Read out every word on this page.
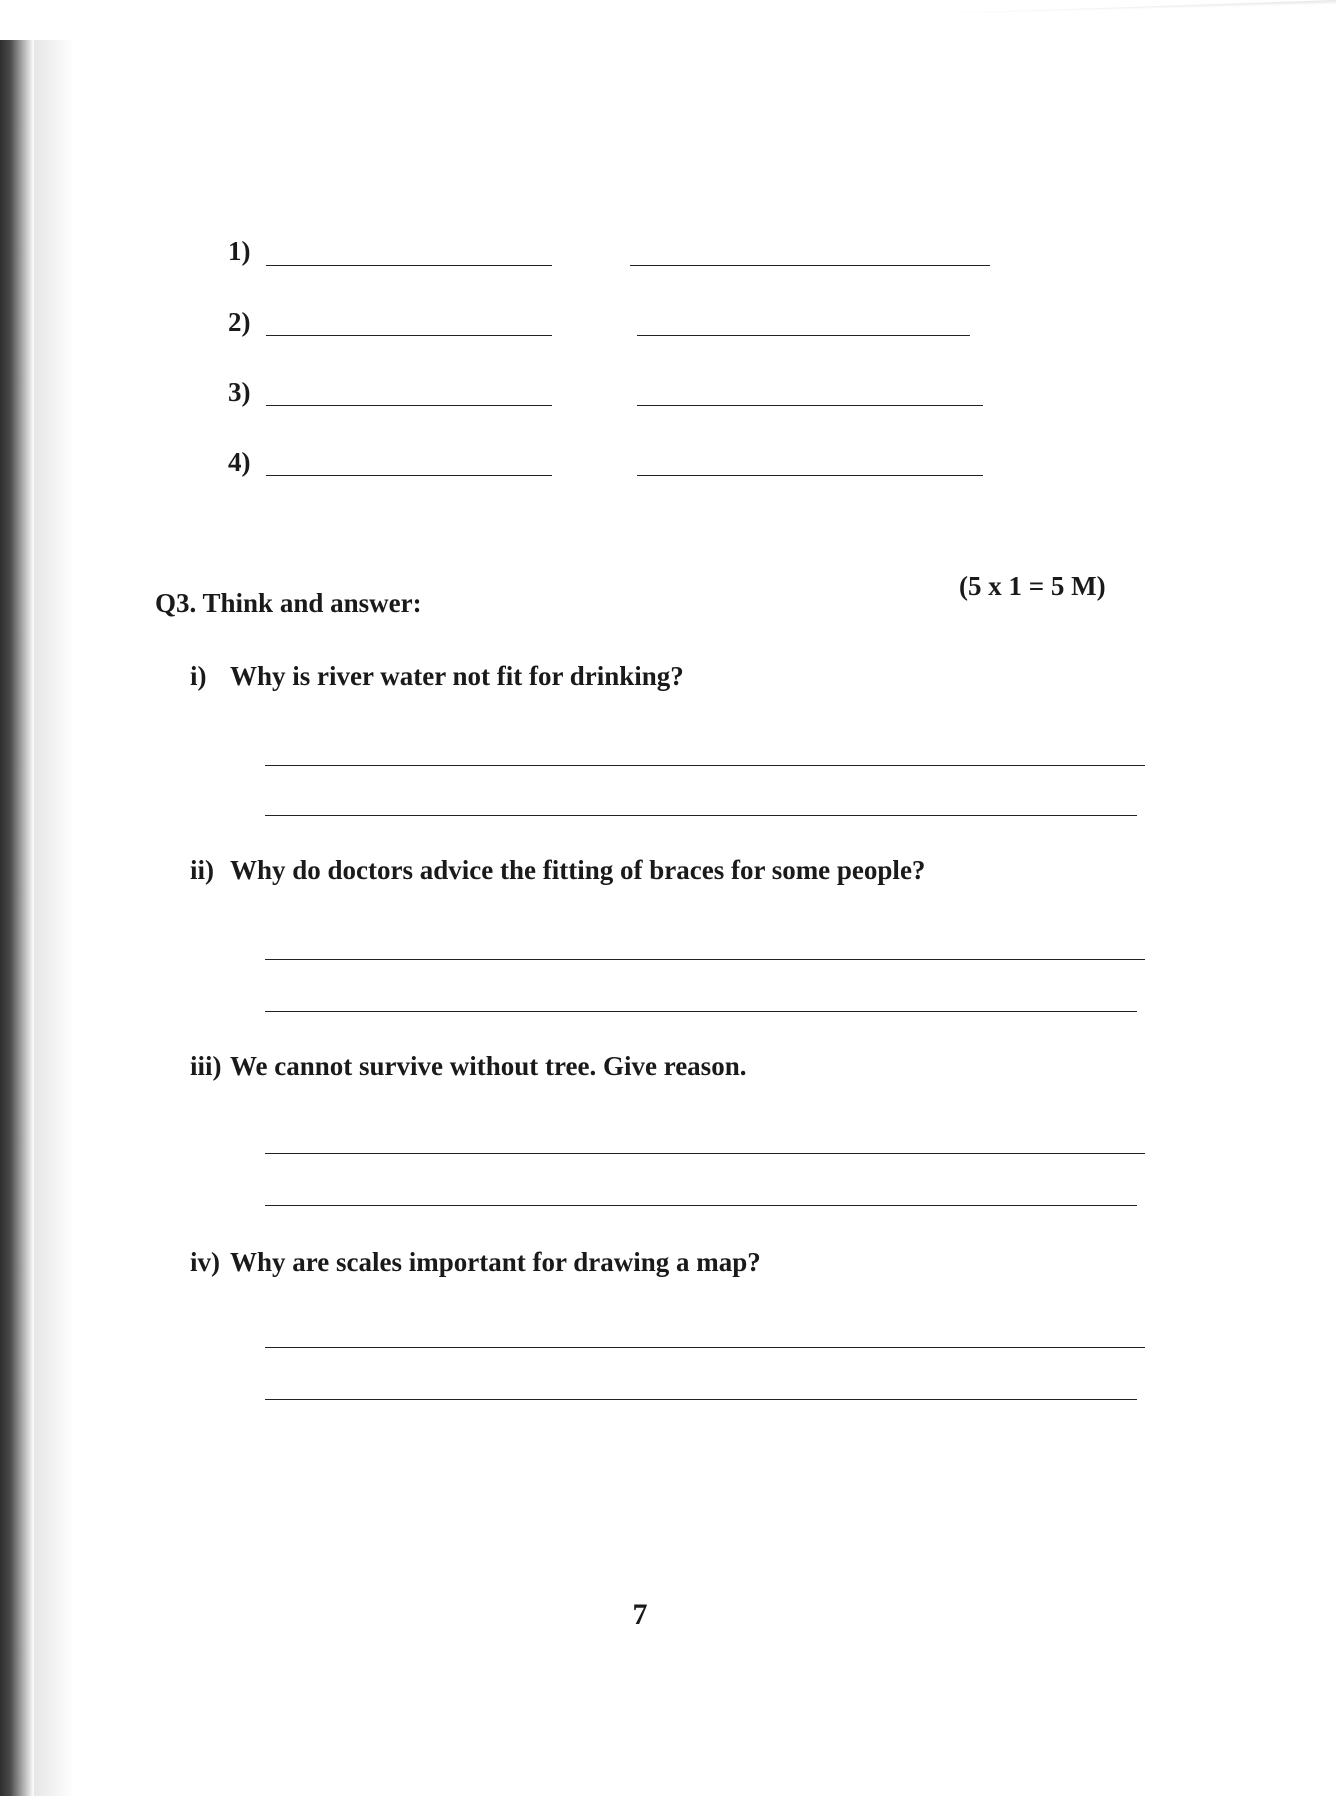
1)
2)
3)
4)
Q3. Think and answer:
(5 x 1 = 5 M)
i) Why is river water not fit for drinking?
ii) Why do doctors advice the fitting of braces for some people?
iii) We cannot survive without tree. Give reason.
iv) Why are scales important for drawing a map?
7
